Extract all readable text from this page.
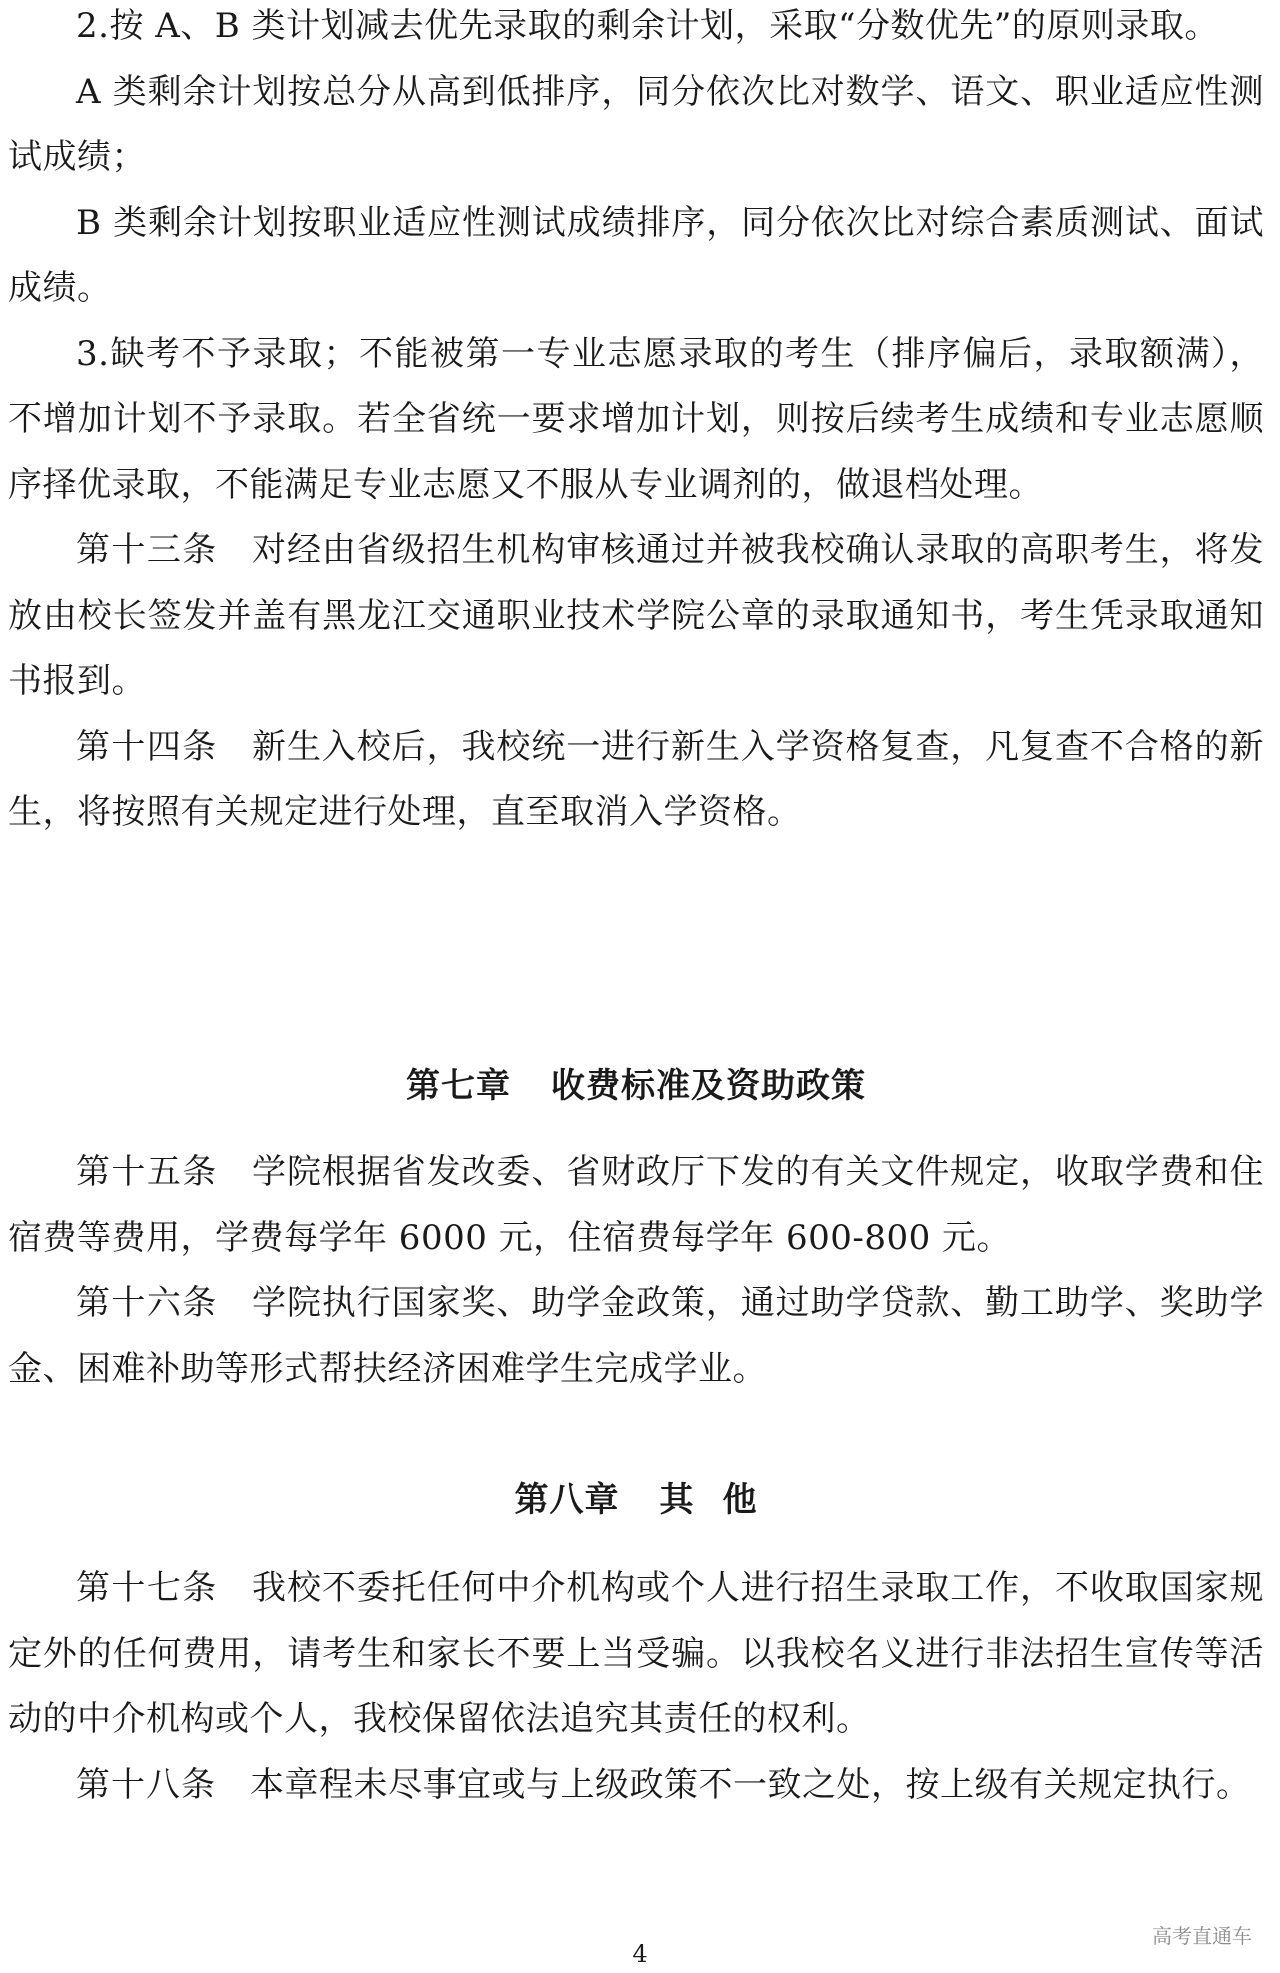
2.按 A、B 类计划减去优先录取的剩余计划，采取“分数优先”的原则录取。

A 类剩余计划按总分从高到低排序，同分依次比对数学、语文、职业适应性测试成绩；

B 类剩余计划按职业适应性测试成绩排序，同分依次比对综合素质测试、面试成绩。

3.缺考不予录取；不能被第一专业志愿录取的考生（排序偏后，录取额满），不增加计划不予录取。若全省统一要求增加计划，则按后续考生成绩和专业志愿顺序择优录取，不能满足专业志愿又不服从专业调剂的，做退档处理。

第十三条 对经由省级招生机构审核通过并被我校确认录取的高职考生，将发放由校长签发并盖有黑龙江交通职业技术学院公章的录取通知书，考生凭录取通知书报到。

第十四条 新生入校后，我校统一进行新生入学资格复查，凡复查不合格的新生，将按照有关规定进行处理，直至取消入学资格。

第七章 收费标准及资助政策

第十五条 学院根据省发改委、省财政厅下发的有关文件规定，收取学费和住宿费等费用，学费每学年 6000 元，住宿费每学年 600-800 元。

第十六条 学院执行国家奖、助学金政策，通过助学贷款、勤工助学、奖助学金、困难补助等形式帮扶经济困难学生完成学业。

第八章 其 他

第十七条 我校不委托任何中介机构或个人进行招生录取工作，不收取国家规定外的任何费用，请考生和家长不要上当受骗。以我校名义进行非法招生宣传等活动的中介机构或个人，我校保留依法追究其责任的权利。

第十八条 本章程未尽事宜或与上级政策不一致之处，按上级有关规定执行。

高考直通车
4
